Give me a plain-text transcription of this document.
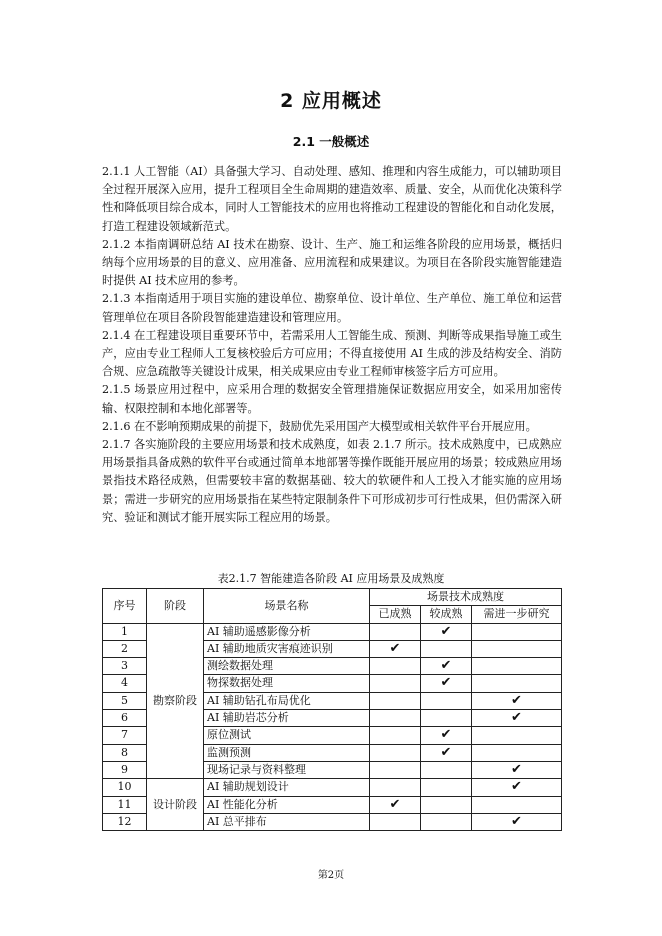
2 应用概述
2.1 一般概述

2.1.1 人工智能（AI）具备强大学习、自动处理、感知、推理和内容生成能力，可以辅助项目全过程开展深入应用，提升工程项目全生命周期的建造效率、质量、安全，从而优化决策科学性和降低项目综合成本，同时人工智能技术的应用也将推动工程建设的智能化和自动化发展，打造工程建设领域新范式。

2.1.2 本指南调研总结 AI 技术在勘察、设计、生产、施工和运维各阶段的应用场景，概括归纳每个应用场景的目的意义、应用准备、应用流程和成果建议。为项目在各阶段实施智能建造时提供 AI 技术应用的参考。

2.1.3 本指南适用于项目实施的建设单位、勘察单位、设计单位、生产单位、施工单位和运营管理单位在项目各阶段智能建造建设和管理应用。

2.1.4 在工程建设项目重要环节中，若需采用人工智能生成、预测、判断等成果指导施工或生产，应由专业工程师人工复核校验后方可应用；不得直接使用 AI 生成的涉及结构安全、消防合规、应急疏散等关键设计成果，相关成果应由专业工程师审核签字后方可应用。

2.1.5 场景应用过程中，应采用合理的数据安全管理措施保证数据应用安全，如采用加密传输、权限控制和本地化部署等。

2.1.6 在不影响预期成果的前提下，鼓励优先采用国产大模型或相关软件平台开展应用。

2.1.7 各实施阶段的主要应用场景和技术成熟度，如表 2.1.7 所示。技术成熟度中，已成熟应用场景指具备成熟的软件平台或通过简单本地部署等操作既能开展应用的场景；较成熟应用场景指技术路径成熟，但需要较丰富的数据基础、较大的软硬件和人工投入才能实施的应用场景；需进一步研究的应用场景指在某些特定限制条件下可形成初步可行性成果，但仍需深入研究、验证和测试才能开展实际工程应用的场景。

表2.1.7 智能建造各阶段 AI 应用场景及成熟度

序号	阶段	场景名称	场景技术成熟度		
			已成熟	较成熟	需进一步研究
1	勘察阶段	AI 辅助遥感影像分析		✔	
2		AI 辅助地质灾害痕迹识别	✔		
3		测绘数据处理		✔	
4		物探数据处理		✔	
5		AI 辅助钻孔布局优化			✔
6		AI 辅助岩芯分析			✔
7		原位测试		✔	
8		监测预测		✔	
9		现场记录与资料整理			✔
10	设计阶段	AI 辅助规划设计			✔
11		AI 性能化分析	✔		
12		AI 总平排布			✔

第2页
